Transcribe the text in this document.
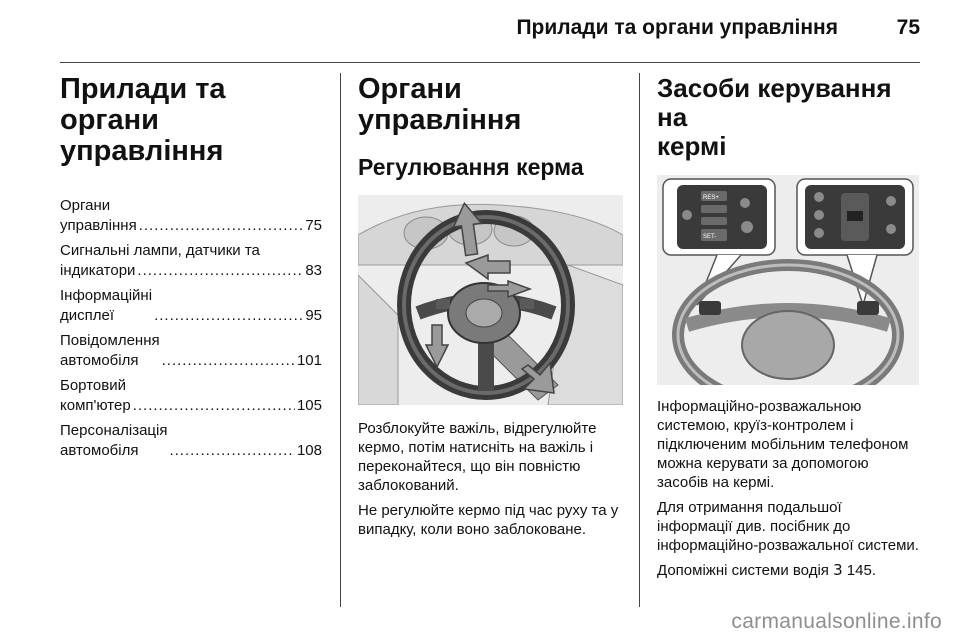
Прилади та органи управління	75
Прилади та органи
управління
Органи управління .....	75
Сигнальні лампи, датчики та
індикатори .....	83
Інформаційні дисплеї .....	95
Повідомлення автомобіля .....	101
Бортовий комп'ютер .....	105
Персоналізація автомобіля .....	108
Органи управління
Регулювання керма

Розблокуйте важіль, відрегулюйте кермо, потім натисніть на важіль і переконайтеся, що він повністю заблокований.

Не регулюйте кермо під час руху та у випадку, коли воно заблоковане.

Засоби керування на
кермі
RES+
SET-

Інформаційно-розважальною системою, круїз-контролем і підключеним мобільним телефоном можна керувати за допомогою засобів на кермі.

Для отримання подальшої інформації див. посібник до інформаційно-розважальної системи.

Допоміжні системи водія 3 145.

carmanualsonline.info
